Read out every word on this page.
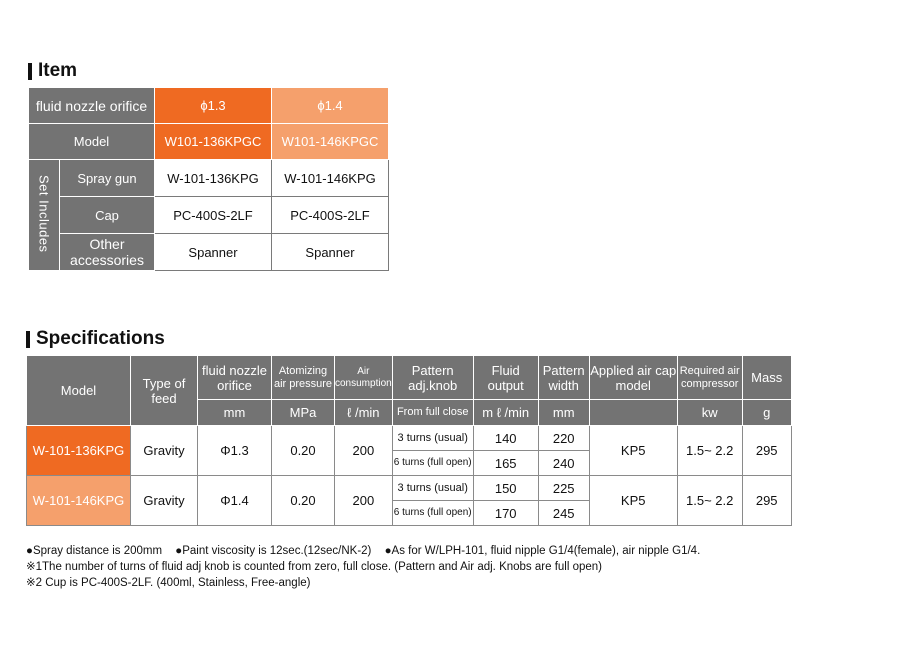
Item
fluid nozzle orifice		ϕ1.3	ϕ1.4
Model		W101-136KPGC	W101-146KPGC
Set Includes	Spray gun	W-101-136KPG	W-101-146KPG
	Cap	PC-400S-2LF	PC-400S-2LF
	Other accessories	Spanner	Spanner
Specifications
Model	Type of feed	fluid nozzle orifice	Atomizing air pressure	Air consumption	Pattern adj.knob	Fluid output	Pattern width	Applied air cap model	Required air compressor	Mass
		mm	MPa	ℓ /min	From full close	m ℓ /min	mm		kw	g
W-101-136KPG	Gravity	Φ1.3	0.20	200	3 turns (usual)	140	220	KP5	1.5~ 2.2	295
					6 turns (full open)	165	240			
W-101-146KPG	Gravity	Φ1.4	0.20	200	3 turns (usual)	150	225	KP5	1.5~ 2.2	295
					6 turns (full open)	170	245			
●Spray distance is 200mm ●Paint viscosity is 12sec.(12sec/NK-2) ●As for W/LPH-101, fluid nipple G1/4(female), air nipple G1/4.
※1The number of turns of fluid adj knob is counted from zero, full close. (Pattern and Air adj. Knobs are full open)
※2 Cup is PC-400S-2LF. (400ml, Stainless, Free-angle)
